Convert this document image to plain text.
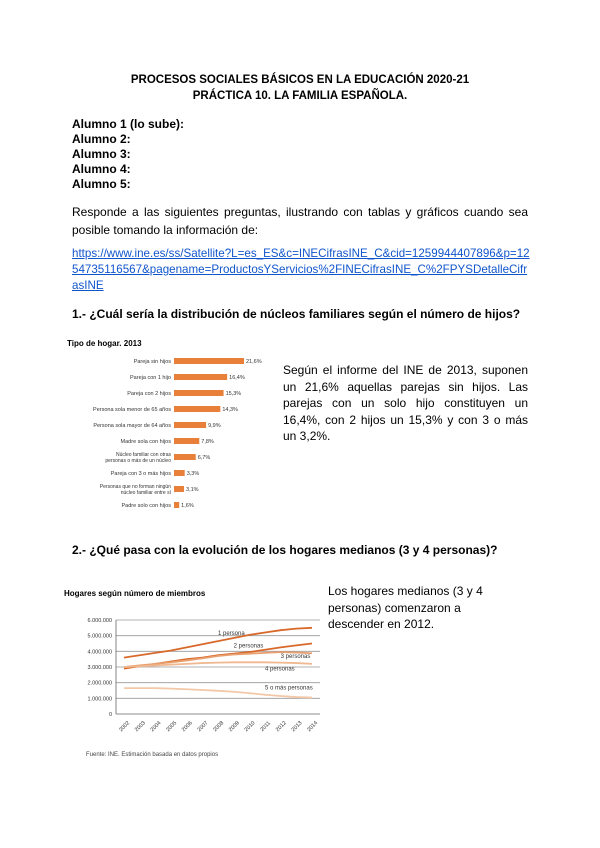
PROCESOS SOCIALES BÁSICOS EN LA EDUCACIÓN 2020-21
PRÁCTICA 10. LA FAMILIA ESPAÑOLA.
Alumno 1 (lo sube):
Alumno 2:
Alumno 3:
Alumno 4:
Alumno 5:
Responde a las siguientes preguntas, ilustrando con tablas y gráficos cuando sea posible tomando la información de:
https://www.ine.es/ss/Satellite?L=es_ES&c=INECifrasINE_C&cid=1259944407896&p=1254735116567&pagename=ProductosYServicios%2FINECifrasINE_C%2FPYSDetalleCifrasINE
1.- ¿Cuál sería la distribución de núcleos familiares según el número de hijos?
Tipo de hogar. 2013
Pareja sin hijos	21,6%
Pareja con 1 hijo	16,4%
Pareja con 2 hijos	15,3%
Persona sola menor de 65 años	14,3%
Persona sola mayor de 64 años	9,9%
Madre sola con hijos	7,8%
Núcleo familiar con otras
personas o más de un núcleo	6,7%
Pareja con 3 o más hijos	3,3%
Personas que no forman ningún
núcleo familiar entre sí	3,1%
Padre solo con hijos 1,6%
Según el informe del INE de 2013, suponen un 21,6% aquellas parejas sin hijos. Las parejas con un solo hijo constituyen un 16,4%, con 2 hijos un 15,3% y con 3 o más un 3,2%.
2.- ¿Qué pasa con la evolución de los hogares medianos (3 y 4 personas)?
Hogares según número de miembros
0
1.000.000
2.000.000
3.000.000
4.000.000
5.000.000
6.000.000
2002 2003 2004 2005 2006 2007 2008 2009 2010 2011 2012 2013 2014
1 persona
2 personas
3 personas
4 personas
5 o más personas
Fuente: INE. Estimación basada en datos propios
Los hogares medianos (3 y 4 personas) comenzaron a descender en 2012.
